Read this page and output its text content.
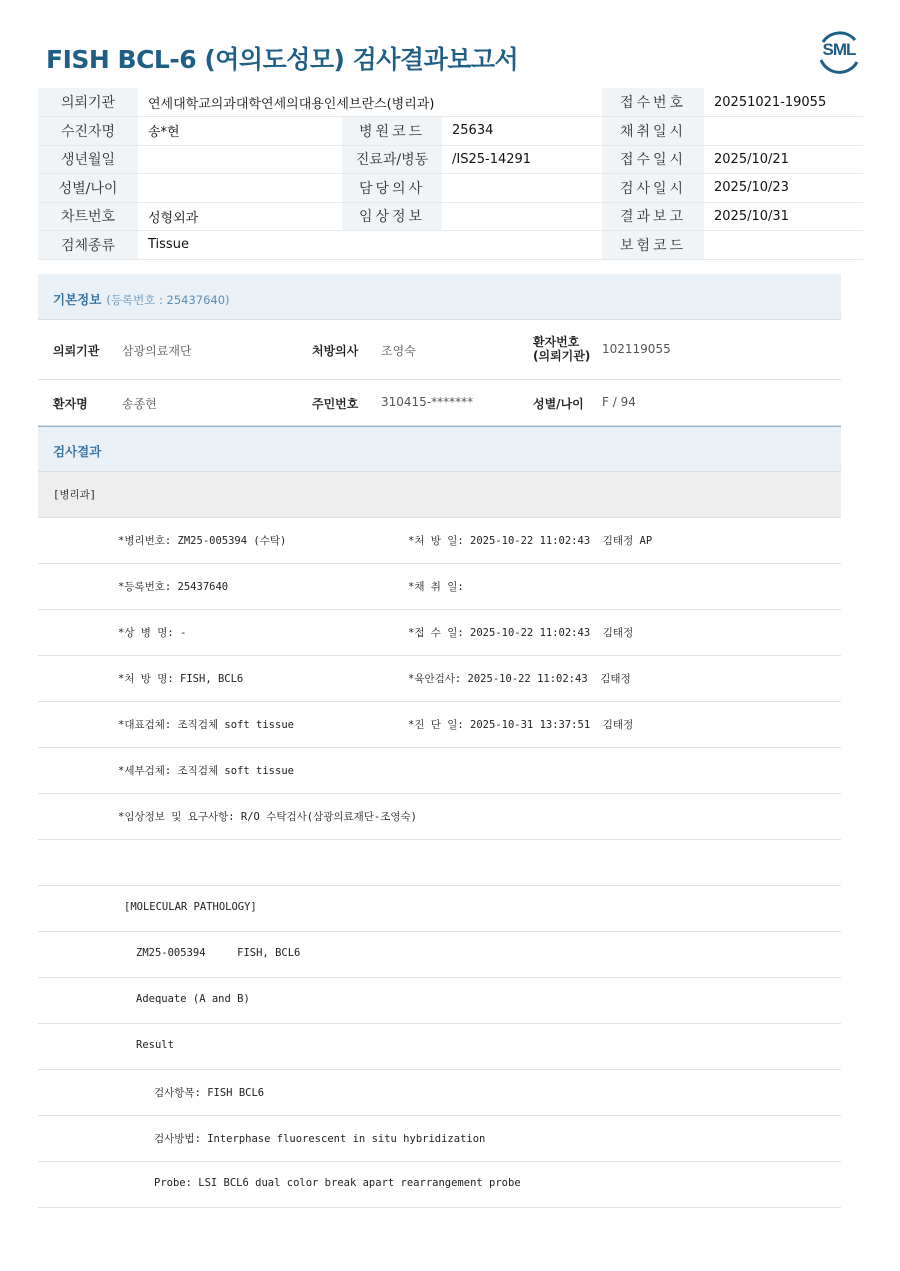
FISH BCL-6 (여의도성모) 검사결과보고서	SML
의뢰기관	연세대학교의과대학연세의대용인세브란스(병리과)			접수번호	20251021-19055
수진자명	송*현	병원코드	25634	채취일시	
생년월일		진료과/병동	/IS25-14291	접수일시	2025/10/21
성별/나이		담당의사		검사일시	2025/10/23
차트번호	성형외과	임상정보		결과보고	2025/10/31
검체종류	Tissue			보험코드	
기본정보 (등록번호 : 25437640)
의뢰기관 삼광의료재단	처방의사 조영숙
환자번호
(의뢰기관) 102119055
환자명	송종현	주민번호 310415-*******	성별/나이 F / 94
검사결과
[병리과]
*병리번호: ZM25-005394 (수탁)	*처 방 일: 2025-10-22 11:02:43  김태정 AP
*등록번호: 25437640	*채 취 일:
*상 병 명: -	*접 수 일: 2025-10-22 11:02:43  김태정
*처 방 명: FISH, BCL6	*육안검사: 2025-10-22 11:02:43  김태정
*대표검체: 조직검체 soft tissue	*진 단 일: 2025-10-31 13:37:51  김태정
*세부검체: 조직검체 soft tissue
*임상정보 및 요구사항: R/O 수탁검사(삼광의료재단-조영숙)
[MOLECULAR PATHOLOGY]
ZM25-005394     FISH, BCL6
Adequate (A and B)
Result
검사항목: FISH BCL6
검사방법: Interphase fluorescent in situ hybridization
Probe: LSI BCL6 dual color break apart rearrangement probe
